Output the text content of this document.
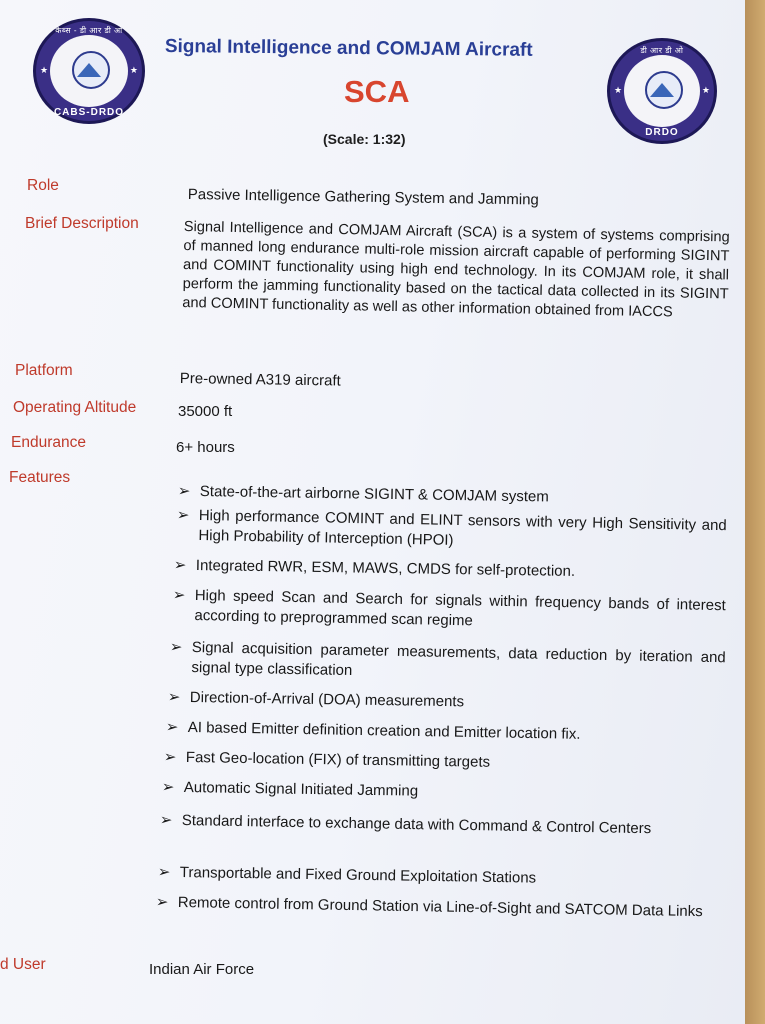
कैब्स - डी आर डी ओ
★	★
CABS-DRDO
डी आर डी ओ
★	★
DRDO
Signal Intelligence and COMJAM Aircraft
SCA
(Scale: 1:32)
Role
Brief Description
Platform
Operating Altitude
Endurance
Features
d User
Passive Intelligence Gathering System and Jamming
Signal Intelligence and COMJAM Aircraft (SCA) is a system of systems comprising of manned long endurance multi-role mission aircraft capable of performing SIGINT and COMINT functionality using high end technology. In its COMJAM role, it shall perform the jamming functionality based on the tactical data collected in its SIGINT and COMINT functionality as well as other information obtained from IACCS
Pre-owned A319 aircraft
35000 ft
6+ hours
Indian Air Force
➢ State-of-the-art airborne SIGINT & COMJAM system
➢ High performance COMINT and ELINT sensors with very High Sensitivity and High Probability of Interception (HPOI)
➢ Integrated RWR, ESM, MAWS, CMDS for self-protection.
➢ High speed Scan and Search for signals within frequency bands of interest according to preprogrammed scan regime
➢ Signal acquisition parameter measurements, data reduction by iteration and signal type classification
➢ Direction-of-Arrival (DOA) measurements
➢ AI based Emitter definition creation and Emitter location fix.
➢ Fast Geo-location (FIX) of transmitting targets
➢ Automatic Signal Initiated Jamming
➢ Standard interface to exchange data with Command & Control Centers
➢ Transportable and Fixed Ground Exploitation Stations
➢ Remote control from Ground Station via Line-of-Sight and SATCOM Data Links
